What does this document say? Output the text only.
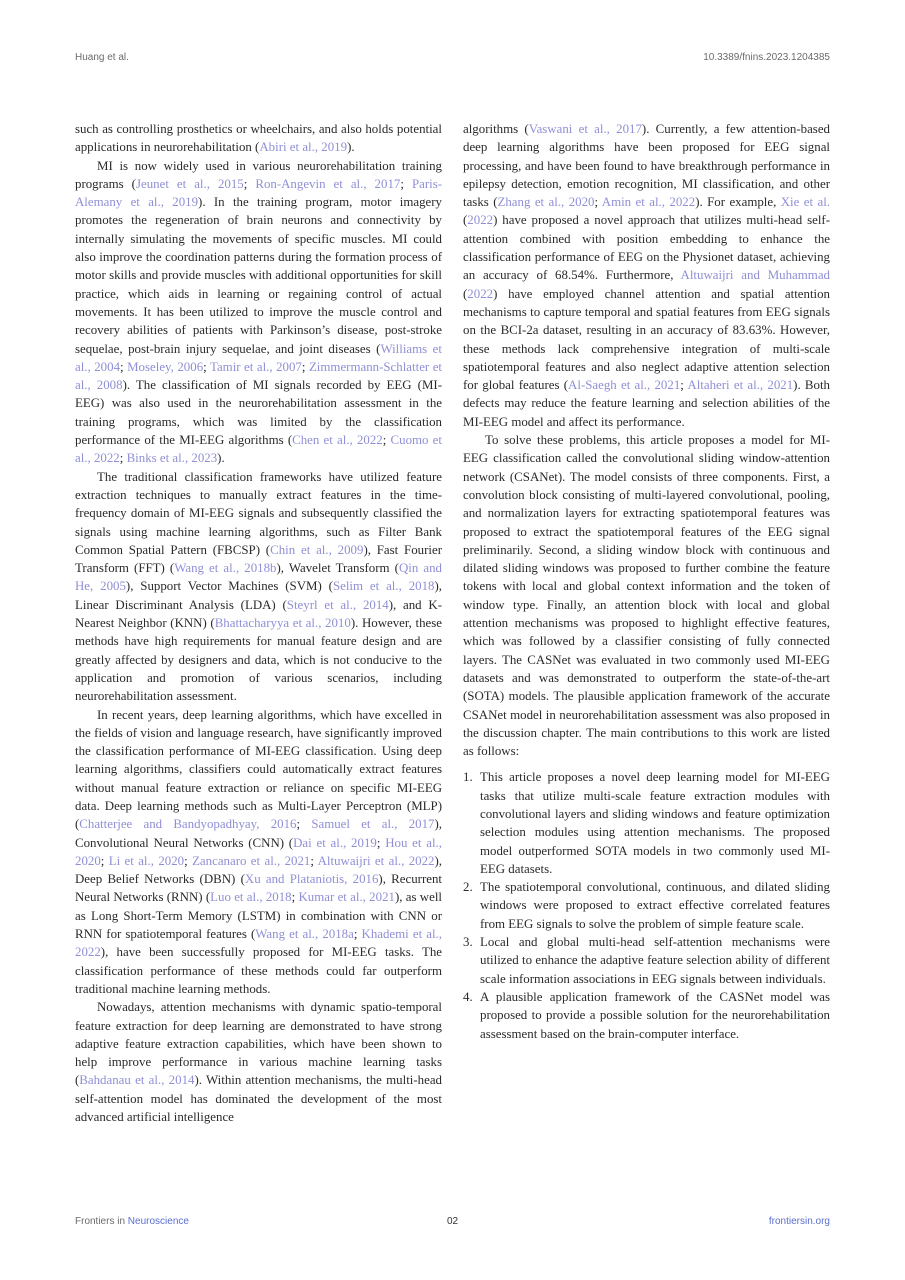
Huang et al.	10.3389/fnins.2023.1204385

such as controlling prosthetics or wheelchairs, and also holds potential applications in neurorehabilitation (Abiri et al., 2019).

MI is now widely used in various neurorehabilitation training programs (Jeunet et al., 2015; Ron-Angevin et al., 2017; Paris-Alemany et al., 2019). In the training program, motor imagery promotes the regeneration of brain neurons and connectivity by internally simulating the movements of specific muscles. MI could also improve the coordination patterns during the formation process of motor skills and provide muscles with additional opportunities for skill practice, which aids in learning or regaining control of actual movements. It has been utilized to improve the muscle control and recovery abilities of patients with Parkinson’s disease, post-stroke sequelae, post-brain injury sequelae, and joint diseases (Williams et al., 2004; Moseley, 2006; Tamir et al., 2007; Zimmermann-Schlatter et al., 2008). The classification of MI signals recorded by EEG (MI-EEG) was also used in the neurorehabilitation assessment in the training programs, which was limited by the classification performance of the MI-EEG algorithms (Chen et al., 2022; Cuomo et al., 2022; Binks et al., 2023).

The traditional classification frameworks have utilized feature extraction techniques to manually extract features in the time-frequency domain of MI-EEG signals and subsequently classified the signals using machine learning algorithms, such as Filter Bank Common Spatial Pattern (FBCSP) (Chin et al., 2009), Fast Fourier Transform (FFT) (Wang et al., 2018b), Wavelet Transform (Qin and He, 2005), Support Vector Machines (SVM) (Selim et al., 2018), Linear Discriminant Analysis (LDA) (Steyrl et al., 2014), and K-Nearest Neighbor (KNN) (Bhattacharyya et al., 2010). However, these methods have high requirements for manual feature design and are greatly affected by designers and data, which is not conducive to the application and promotion of various scenarios, including neurorehabilitation assessment.

In recent years, deep learning algorithms, which have excelled in the fields of vision and language research, have significantly improved the classification performance of MI-EEG classification. Using deep learning algorithms, classifiers could automatically extract features without manual feature extraction or reliance on specific MI-EEG data. Deep learning methods such as Multi-Layer Perceptron (MLP) (Chatterjee and Bandyopadhyay, 2016; Samuel et al., 2017), Convolutional Neural Networks (CNN) (Dai et al., 2019; Hou et al., 2020; Li et al., 2020; Zancanaro et al., 2021; Altuwaijri et al., 2022), Deep Belief Networks (DBN) (Xu and Plataniotis, 2016), Recurrent Neural Networks (RNN) (Luo et al., 2018; Kumar et al., 2021), as well as Long Short-Term Memory (LSTM) in combination with CNN or RNN for spatiotemporal features (Wang et al., 2018a; Khademi et al., 2022), have been successfully proposed for MI-EEG tasks. The classification performance of these methods could far outperform traditional machine learning methods.

Nowadays, attention mechanisms with dynamic spatio-temporal feature extraction for deep learning are demonstrated to have strong adaptive feature extraction capabilities, which have been shown to help improve performance in various machine learning tasks (Bahdanau et al., 2014). Within attention mechanisms, the multi-head self-attention model has dominated the development of the most advanced artificial intelligence

algorithms (Vaswani et al., 2017). Currently, a few attention-based deep learning algorithms have been proposed for EEG signal processing, and have been found to have breakthrough performance in epilepsy detection, emotion recognition, MI classification, and other tasks (Zhang et al., 2020; Amin et al., 2022). For example, Xie et al. (2022) have proposed a novel approach that utilizes multi-head self-attention combined with position embedding to enhance the classification performance of EEG on the Physionet dataset, achieving an accuracy of 68.54%. Furthermore, Altuwaijri and Muhammad (2022) have employed channel attention and spatial attention mechanisms to capture temporal and spatial features from EEG signals on the BCI-2a dataset, resulting in an accuracy of 83.63%. However, these methods lack comprehensive integration of multi-scale spatiotemporal features and also neglect adaptive attention selection for global features (Al-Saegh et al., 2021; Altaheri et al., 2021). Both defects may reduce the feature learning and selection abilities of the MI-EEG model and affect its performance.

To solve these problems, this article proposes a model for MI-EEG classification called the convolutional sliding window-attention network (CSANet). The model consists of three components. First, a convolution block consisting of multi-layered convolutional, pooling, and normalization layers for extracting spatiotemporal features was proposed to extract the spatiotemporal features of the EEG signal preliminarily. Second, a sliding window block with continuous and dilated sliding windows was proposed to further combine the feature tokens with local and global context information and the token of window type. Finally, an attention block with local and global attention mechanisms was proposed to highlight effective features, which was followed by a classifier consisting of fully connected layers. The CASNet was evaluated in two commonly used MI-EEG datasets and was demonstrated to outperform the state-of-the-art (SOTA) models. The plausible application framework of the accurate CSANet model in neurorehabilitation assessment was also proposed in the discussion chapter. The main contributions to this work are listed as follows:

1. This article proposes a novel deep learning model for MI-EEG tasks that utilize multi-scale feature extraction modules with convolutional layers and sliding windows and feature optimization selection modules using attention mechanisms. The proposed model outperformed SOTA models in two commonly used MI-EEG datasets.
2. The spatiotemporal convolutional, continuous, and dilated sliding windows were proposed to extract effective correlated features from EEG signals to solve the problem of simple feature scale.
3. Local and global multi-head self-attention mechanisms were utilized to enhance the adaptive feature selection ability of different scale information associations in EEG signals between individuals.
4. A plausible application framework of the CASNet model was proposed to provide a possible solution for the neurorehabilitation assessment based on the brain-computer interface.
Frontiers in Neuroscience	02	frontiersin.org
